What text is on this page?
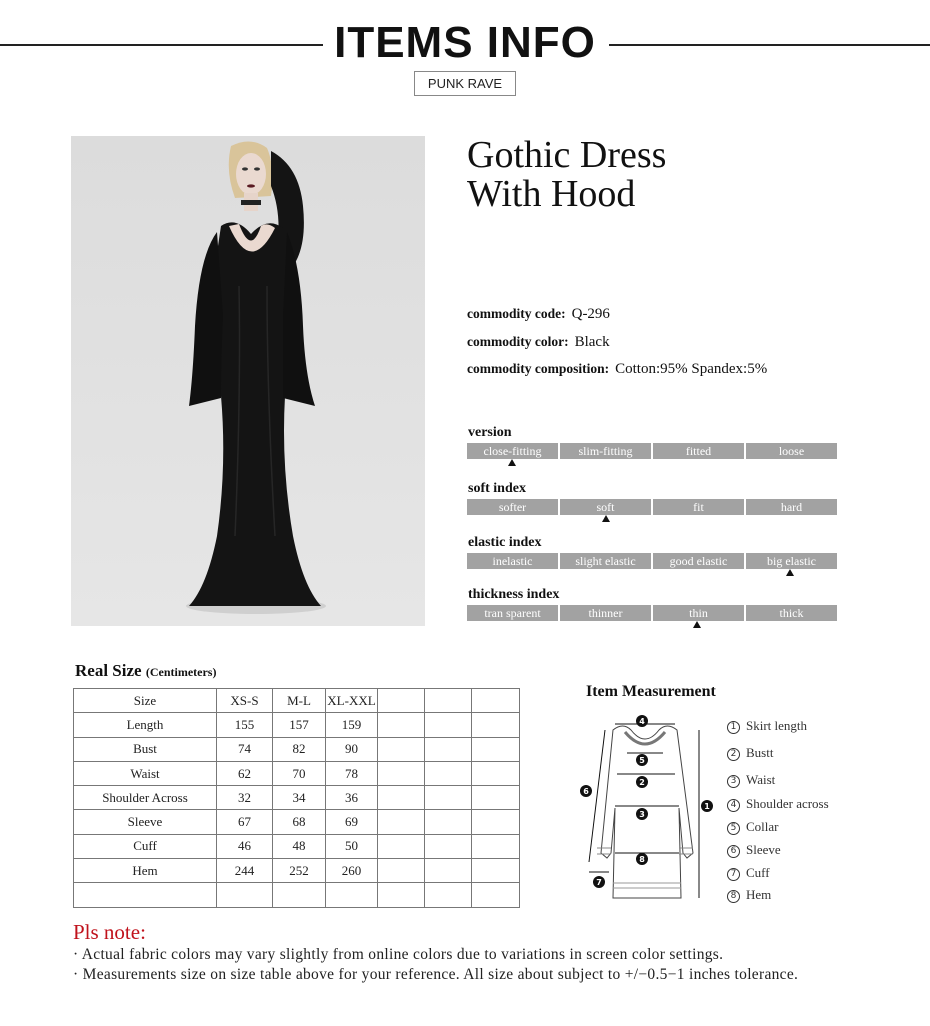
ITEMS INFO
PUNK RAVE
Gothic Dress
With Hood
commodity code: Q-296
commodity color: Black
commodity composition: Cotton:95% Spandex:5%
version
close-fitting	slim-fitting	fitted	loose
soft index
softer	soft	fit	hard
elastic index
inelastic	slight elastic	good elastic	big elastic
thickness index
tran sparent	thinner	thin	thick
Real Size (Centimeters)
Size	XS-S	M-L	XL-XXL			
Length	155	157	159			
Bust	74	82	90			
Waist	62	70	78			
Shoulder Across	32	34	36			
Sleeve	67	68	69			
Cuff	46	48	50			
Hem	244	252	260			

Item Measurement
4
5
2
3
8
1
6
7
1 Skirt length
2 Bustt
3 Waist
4 Shoulder across
5 Collar
6 Sleeve
7 Cuff
8 Hem
Pls note:
· Actual fabric colors may vary slightly from online colors due to variations in screen color settings.
· Measurements size on size table above for your reference. All size about subject to +/−0.5−1 inches tolerance.
